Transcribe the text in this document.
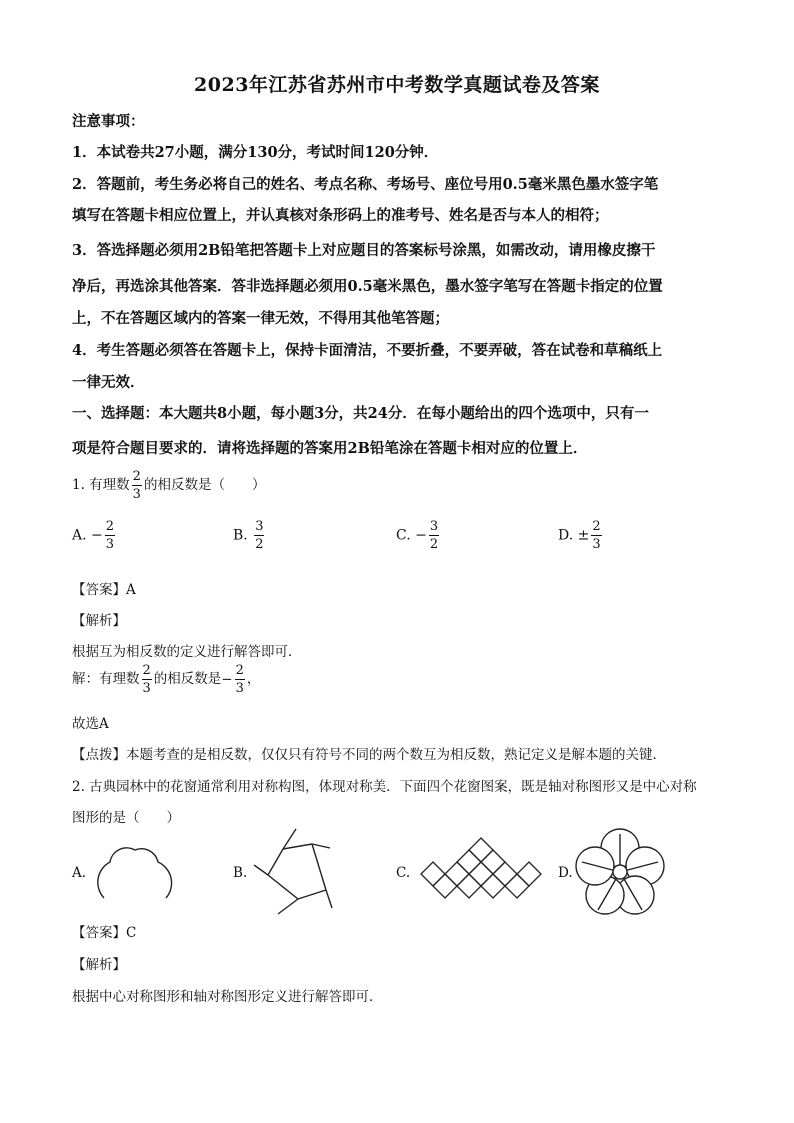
2023年江苏省苏州市中考数学真题试卷及答案
注意事项：
1．本试卷共27小题，满分130分，考试时间120分钟．
2．答题前，考生务必将自己的姓名、考点名称、考场号、座位号用0.5毫米黑色墨水签字笔
填写在答题卡相应位置上，并认真核对条形码上的准考号、姓名是否与本人的相符；
3．答选择题必须用2B铅笔把答题卡上对应题目的答案标号涂黑，如需改动，请用橡皮擦干
净后，再选涂其他答案．答非选择题必须用0.5毫米黑色，墨水签字笔写在答题卡指定的位置
上，不在答题区域内的答案一律无效，不得用其他笔答题；
4．考生答题必须答在答题卡上，保持卡面清洁，不要折叠，不要弄破，答在试卷和草稿纸上
一律无效．
一、选择题：本大题共8小题，每小题3分，共24分．在每小题给出的四个选项中，只有一
项是符合题目要求的．请将选择题的答案用2B铅笔涂在答题卡相对应的位置上．
1. 有理数 $\frac{2}{3}$ 的相反数是（　　）
A. − $\frac{2}{3}$	B. $\frac{3}{2}$	C. − $\frac{3}{2}$	D. ± $\frac{2}{3}$
【答案】A
【解析】
根据互为相反数的定义进行解答即可．
解：有理数 $\frac{2}{3}$ 的相反数是− $\frac{2}{3}$ ，
故选A
【点拨】本题考查的是相反数，仅仅只有符号不同的两个数互为相反数，熟记定义是解本题的关键．
2. 古典园林中的花窗通常利用对称构图，体现对称美．下面四个花窗图案，既是轴对称图形又是中心对称
图形的是（　　）
A.	B.	C.	D.
【答案】C
【解析】
根据中心对称图形和轴对称图形定义进行解答即可．
